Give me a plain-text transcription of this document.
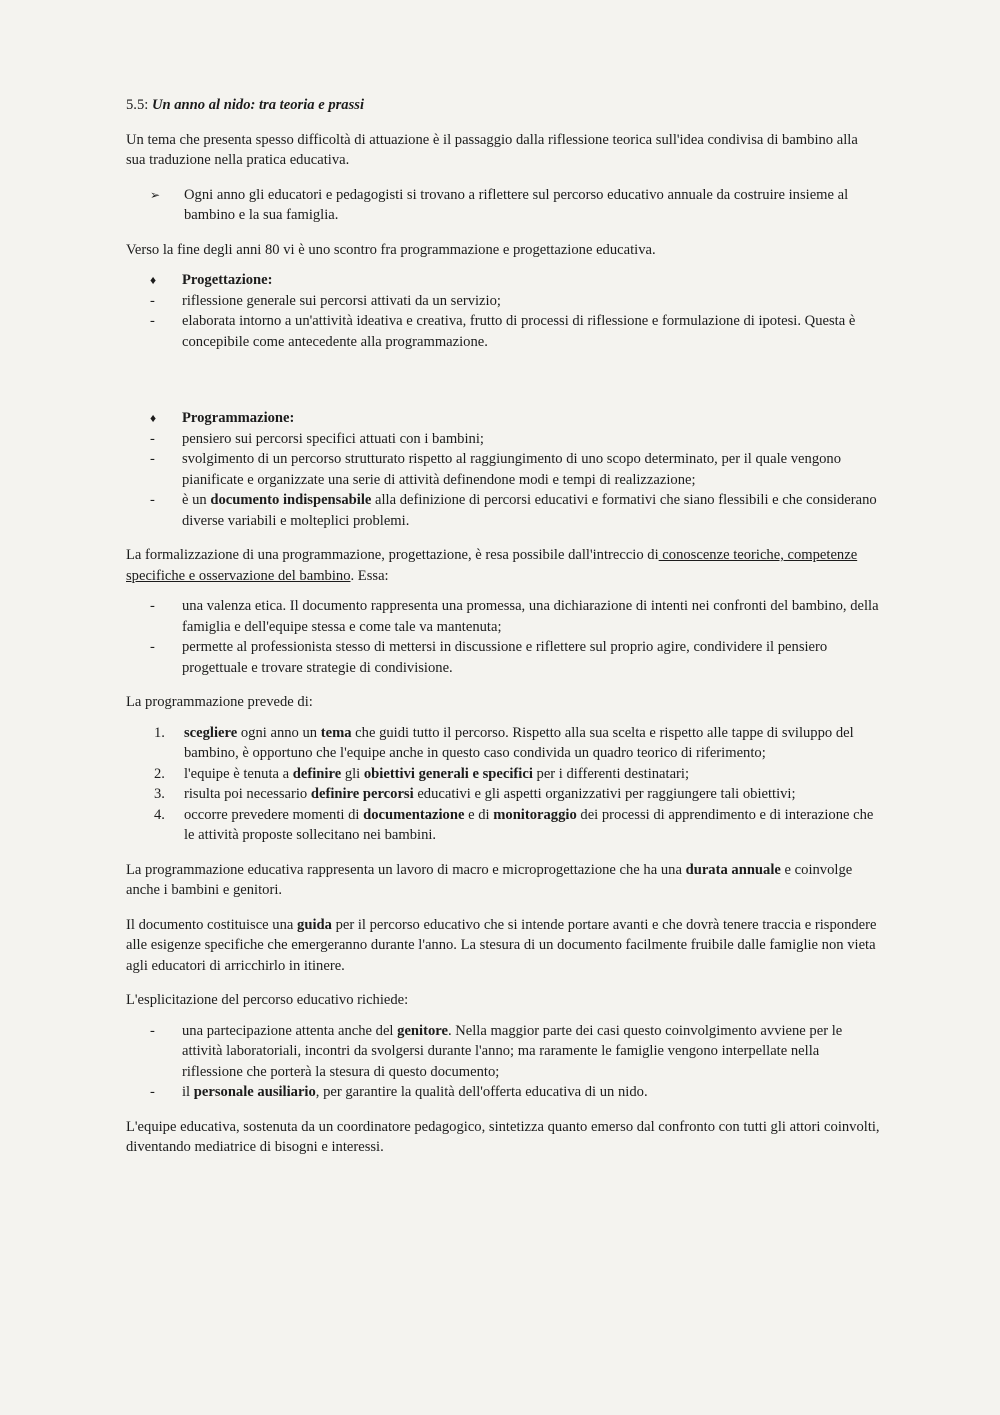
5.5: Un anno al nido: tra teoria e prassi

Un tema che presenta spesso difficoltà di attuazione è il passaggio dalla riflessione teorica sull'idea condivisa di bambino alla sua traduzione nella pratica educativa.

➢	Ogni anno gli educatori e pedagogisti si trovano a riflettere sul percorso educativo annuale da costruire insieme al bambino e la sua famiglia.

Verso la fine degli anni 80 vi è uno scontro fra programmazione e progettazione educativa.

♦	Progettazione:
-	riflessione generale sui percorsi attivati da un servizio;
-	elaborata intorno a un'attività ideativa e creativa, frutto di processi di riflessione e formulazione di ipotesi. Questa è concepibile come antecedente alla programmazione.
♦	Programmazione:
-	pensiero sui percorsi specifici attuati con i bambini;
-	svolgimento di un percorso strutturato rispetto al raggiungimento di uno scopo determinato, per il quale vengono pianificate e organizzate una serie di attività definendone modi e tempi di realizzazione;
-	è un documento indispensabile alla definizione di percorsi educativi e formativi che siano flessibili e che considerano diverse variabili e molteplici problemi.

La formalizzazione di una programmazione, progettazione, è resa possibile dall'intreccio di conoscenze teoriche, competenze specifiche e osservazione del bambino. Essa:

-	una valenza etica. Il documento rappresenta una promessa, una dichiarazione di intenti nei confronti del bambino, della famiglia e dell'equipe stessa e come tale va mantenuta;
-	permette al professionista stesso di mettersi in discussione e riflettere sul proprio agire, condividere il pensiero progettuale e trovare strategie di condivisione.

La programmazione prevede di:

1.	scegliere ogni anno un tema che guidi tutto il percorso. Rispetto alla sua scelta e rispetto alle tappe di sviluppo del bambino, è opportuno che l'equipe anche in questo caso condivida un quadro teorico di riferimento;
2.	l'equipe è tenuta a definire gli obiettivi generali e specifici per i differenti destinatari;
3.	risulta poi necessario definire percorsi educativi e gli aspetti organizzativi per raggiungere tali obiettivi;
4.	occorre prevedere momenti di documentazione e di monitoraggio dei processi di apprendimento e di interazione che le attività proposte sollecitano nei bambini.

La programmazione educativa rappresenta un lavoro di macro e microprogettazione che ha una durata annuale e coinvolge anche i bambini e genitori.

Il documento costituisce una guida per il percorso educativo che si intende portare avanti e che dovrà tenere traccia e rispondere alle esigenze specifiche che emergeranno durante l'anno. La stesura di un documento facilmente fruibile dalle famiglie non vieta agli educatori di arricchirlo in itinere.

L'esplicitazione del percorso educativo richiede:

-	una partecipazione attenta anche del genitore. Nella maggior parte dei casi questo coinvolgimento avviene per le attività laboratoriali, incontri da svolgersi durante l'anno; ma raramente le famiglie vengono interpellate nella riflessione che porterà la stesura di questo documento;
-	il personale ausiliario, per garantire la qualità dell'offerta educativa di un nido.

L'equipe educativa, sostenuta da un coordinatore pedagogico, sintetizza quanto emerso dal confronto con tutti gli attori coinvolti, diventando mediatrice di bisogni e interessi.
